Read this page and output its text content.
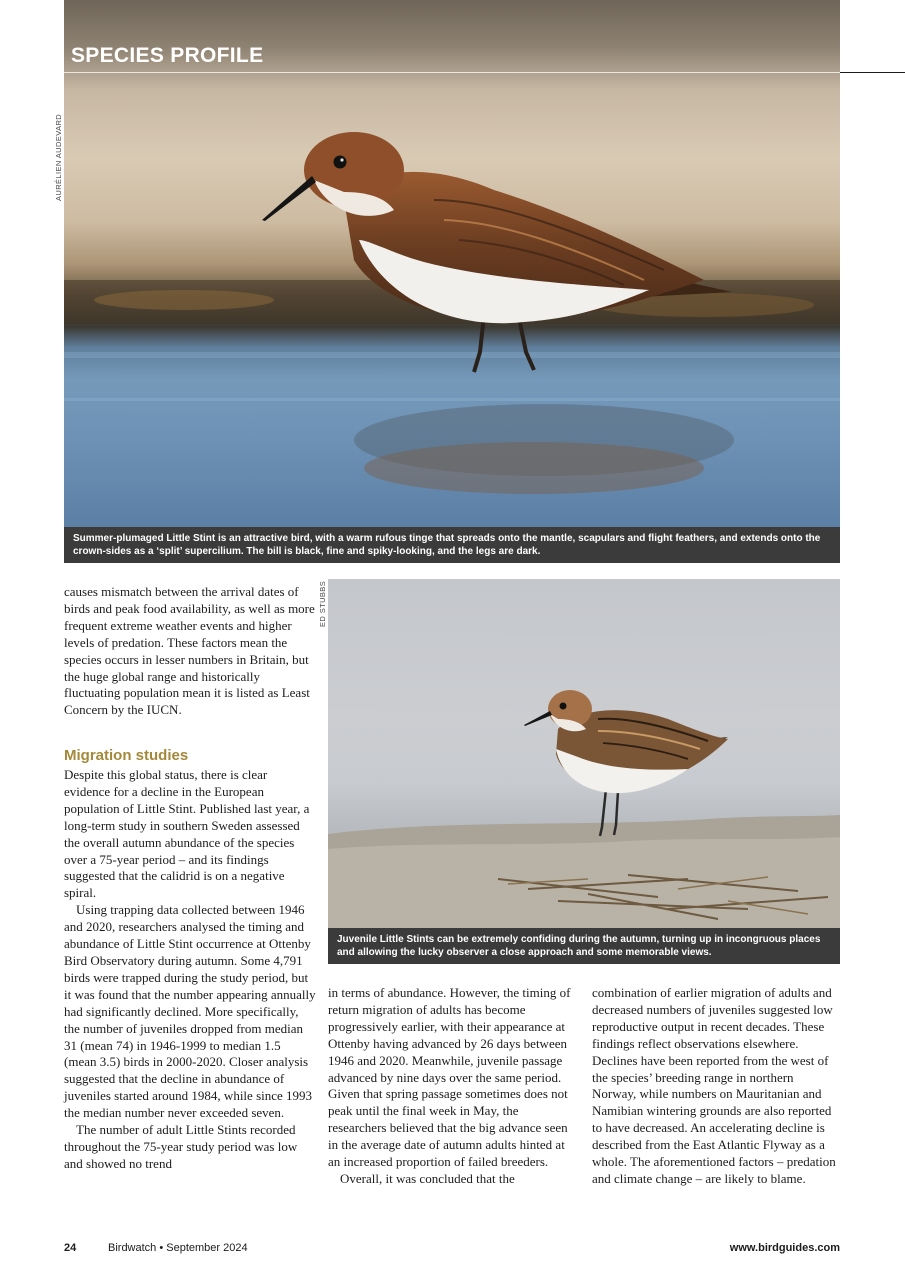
SPECIES PROFILE
AURÉLIEN AUDEVARD
Summer-plumaged Little Stint is an attractive bird, with a warm rufous tinge that spreads onto the mantle, scapulars and flight feathers, and extends onto the crown-sides as a ‘split’ supercilium. The bill is black, fine and spiky-looking, and the legs are dark.

causes mismatch between the arrival dates of birds and peak food availability, as well as more frequent extreme weather events and higher levels of predation. These factors mean the species occurs in lesser numbers in Britain, but the huge global range and historically fluctuating population mean it is listed as Least Concern by the IUCN.

Migration studies

Despite this global status, there is clear evidence for a decline in the European population of Little Stint. Published last year, a long-term study in southern Sweden assessed the overall autumn abundance of the species over a 75-year period – and its findings suggested that the calidrid is on a negative spiral.

Using trapping data collected between 1946 and 2020, researchers analysed the timing and abundance of Little Stint occurrence at Ottenby Bird Observatory during autumn. Some 4,791 birds were trapped during the study period, but it was found that the number appearing annually had significantly declined. More specifically, the number of juveniles dropped from median 31 (mean 74) in 1946-1999 to median 1.5 (mean 3.5) birds in 2000-2020. Closer analysis suggested that the decline in abundance of juveniles started around 1984, while since 1993 the median number never exceeded seven.

The number of adult Little Stints recorded throughout the 75-year study period was low and showed no trend

ED STUBBS
Juvenile Little Stints can be extremely confiding during the autumn, turning up in incongruous places and allowing the lucky observer a close approach and some memorable views.

in terms of abundance. However, the timing of return migration of adults has become progressively earlier, with their appearance at Ottenby having advanced by 26 days between 1946 and 2020. Meanwhile, juvenile passage advanced by nine days over the same period. Given that spring passage sometimes does not peak until the final week in May, the researchers believed that the big advance seen in the average date of autumn adults hinted at an increased proportion of failed breeders.

Overall, it was concluded that the

combination of earlier migration of adults and decreased numbers of juveniles suggested low reproductive output in recent decades. These findings reflect observations elsewhere. Declines have been reported from the west of the species’ breeding range in northern Norway, while numbers on Mauritanian and Namibian wintering grounds are also reported to have decreased. An accelerating decline is described from the East Atlantic Flyway as a whole. The aforementioned factors – predation and climate change – are likely to blame.

24	Birdwatch • September 2024	www.birdguides.com
